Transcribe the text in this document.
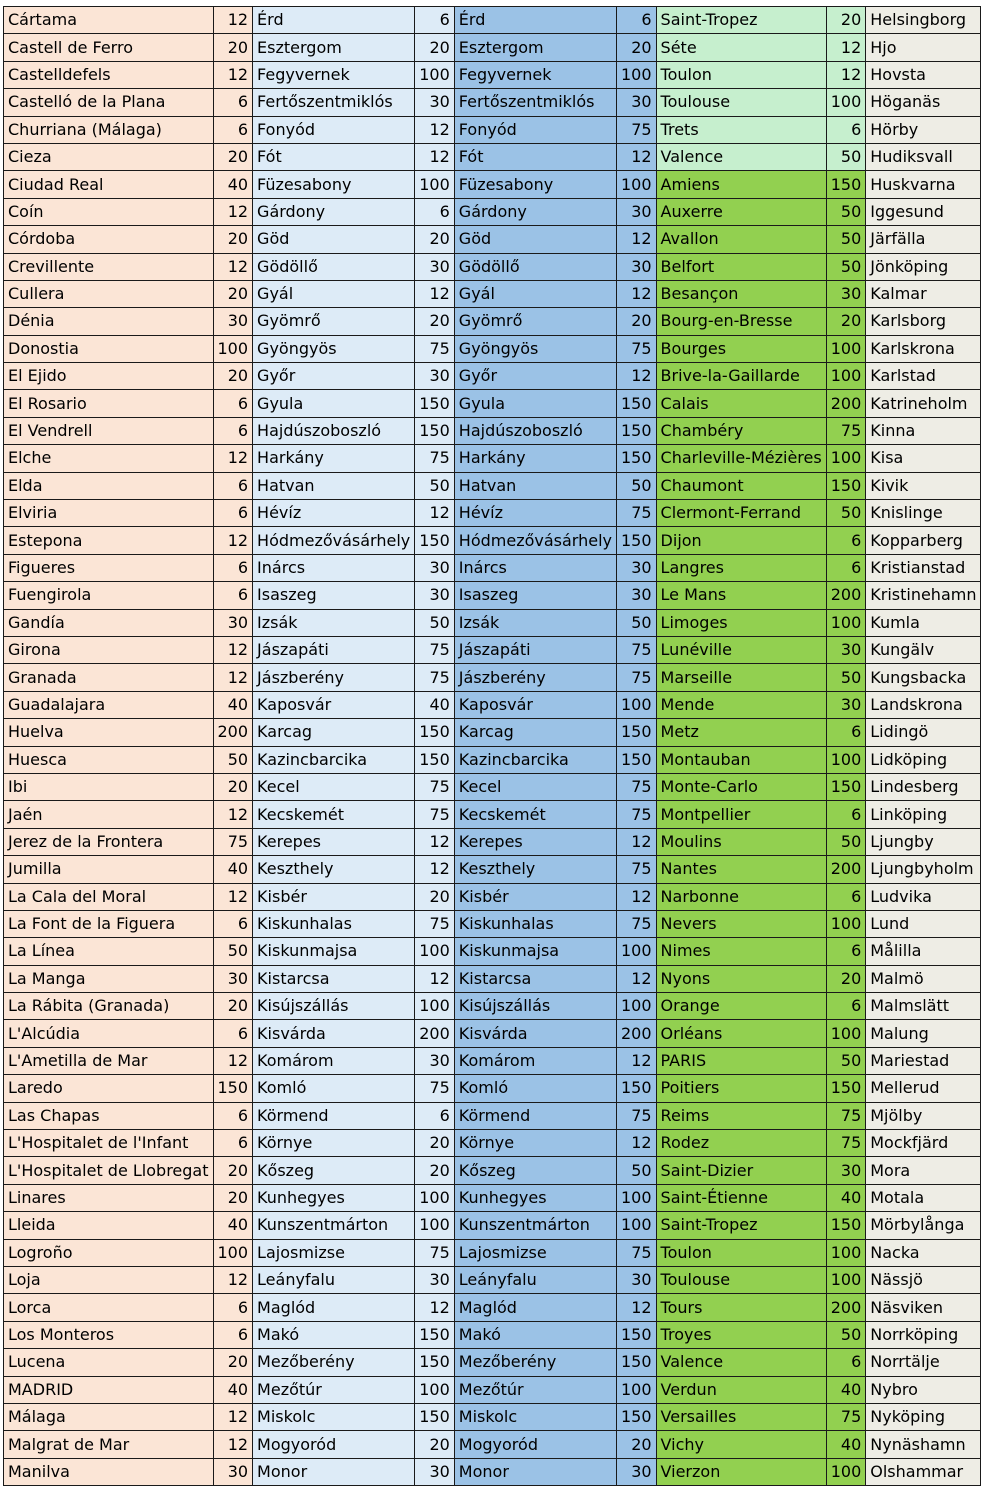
Cártama	12	Érd	6	Érd	6	Saint-Tropez	20	Helsingborg
Castell de Ferro	20	Esztergom	20	Esztergom	20	Séte	12	Hjo
Castelldefels	12	Fegyvernek	100	Fegyvernek	100	Toulon	12	Hovsta
Castelló de la Plana	6	Fertőszentmiklós	30	Fertőszentmiklós	30	Toulouse	100	Höganäs
Churriana (Málaga)	6	Fonyód	12	Fonyód	75	Trets	6	Hörby
Cieza	20	Fót	12	Fót	12	Valence	50	Hudiksvall
Ciudad Real	40	Füzesabony	100	Füzesabony	100	Amiens	150	Huskvarna
Coín	12	Gárdony	6	Gárdony	30	Auxerre	50	Iggesund
Córdoba	20	Göd	20	Göd	12	Avallon	50	Järfälla
Crevillente	12	Gödöllő	30	Gödöllő	30	Belfort	50	Jönköping
Cullera	20	Gyál	12	Gyál	12	Besançon	30	Kalmar
Dénia	30	Gyömrő	20	Gyömrő	20	Bourg-en-Bresse	20	Karlsborg
Donostia	100	Gyöngyös	75	Gyöngyös	75	Bourges	100	Karlskrona
El Ejido	20	Győr	30	Győr	12	Brive-la-Gaillarde	100	Karlstad
El Rosario	6	Gyula	150	Gyula	150	Calais	200	Katrineholm
El Vendrell	6	Hajdúszoboszló	150	Hajdúszoboszló	150	Chambéry	75	Kinna
Elche	12	Harkány	75	Harkány	150	Charleville-Mézières	100	Kisa
Elda	6	Hatvan	50	Hatvan	50	Chaumont	150	Kivik
Elviria	6	Hévíz	12	Hévíz	75	Clermont-Ferrand	50	Knislinge
Estepona	12	Hódmezővásárhely	150	Hódmezővásárhely	150	Dijon	6	Kopparberg
Figueres	6	Inárcs	30	Inárcs	30	Langres	6	Kristianstad
Fuengirola	6	Isaszeg	30	Isaszeg	30	Le Mans	200	Kristinehamn
Gandía	30	Izsák	50	Izsák	50	Limoges	100	Kumla
Girona	12	Jászapáti	75	Jászapáti	75	Lunéville	30	Kungälv
Granada	12	Jászberény	75	Jászberény	75	Marseille	50	Kungsbacka
Guadalajara	40	Kaposvár	40	Kaposvár	100	Mende	30	Landskrona
Huelva	200	Karcag	150	Karcag	150	Metz	6	Lidingö
Huesca	50	Kazincbarcika	150	Kazincbarcika	150	Montauban	100	Lidköping
Ibi	20	Kecel	75	Kecel	75	Monte-Carlo	150	Lindesberg
Jaén	12	Kecskemét	75	Kecskemét	75	Montpellier	6	Linköping
Jerez de la Frontera	75	Kerepes	12	Kerepes	12	Moulins	50	Ljungby
Jumilla	40	Keszthely	12	Keszthely	75	Nantes	200	Ljungbyholm
La Cala del Moral	12	Kisbér	20	Kisbér	12	Narbonne	6	Ludvika
La Font de la Figuera	6	Kiskunhalas	75	Kiskunhalas	75	Nevers	100	Lund
La Línea	50	Kiskunmajsa	100	Kiskunmajsa	100	Nimes	6	Målilla
La Manga	30	Kistarcsa	12	Kistarcsa	12	Nyons	20	Malmö
La Rábita (Granada)	20	Kisújszállás	100	Kisújszállás	100	Orange	6	Malmslätt
L'Alcúdia	6	Kisvárda	200	Kisvárda	200	Orléans	100	Malung
L'Ametilla de Mar	12	Komárom	30	Komárom	12	PARIS	50	Mariestad
Laredo	150	Komló	75	Komló	150	Poitiers	150	Mellerud
Las Chapas	6	Körmend	6	Körmend	75	Reims	75	Mjölby
L'Hospitalet de l'Infant	6	Környe	20	Környe	12	Rodez	75	Mockfjärd
L'Hospitalet de Llobregat	20	Kőszeg	20	Kőszeg	50	Saint-Dizier	30	Mora
Linares	20	Kunhegyes	100	Kunhegyes	100	Saint-Étienne	40	Motala
Lleida	40	Kunszentmárton	100	Kunszentmárton	100	Saint-Tropez	150	Mörbylånga
Logroño	100	Lajosmizse	75	Lajosmizse	75	Toulon	100	Nacka
Loja	12	Leányfalu	30	Leányfalu	30	Toulouse	100	Nässjö
Lorca	6	Maglód	12	Maglód	12	Tours	200	Näsviken
Los Monteros	6	Makó	150	Makó	150	Troyes	50	Norrköping
Lucena	20	Mezőberény	150	Mezőberény	150	Valence	6	Norrtälje
MADRID	40	Mezőtúr	100	Mezőtúr	100	Verdun	40	Nybro
Málaga	12	Miskolc	150	Miskolc	150	Versailles	75	Nyköping
Malgrat de Mar	12	Mogyoród	20	Mogyoród	20	Vichy	40	Nynäshamn
Manilva	30	Monor	30	Monor	30	Vierzon	100	Olshammar
